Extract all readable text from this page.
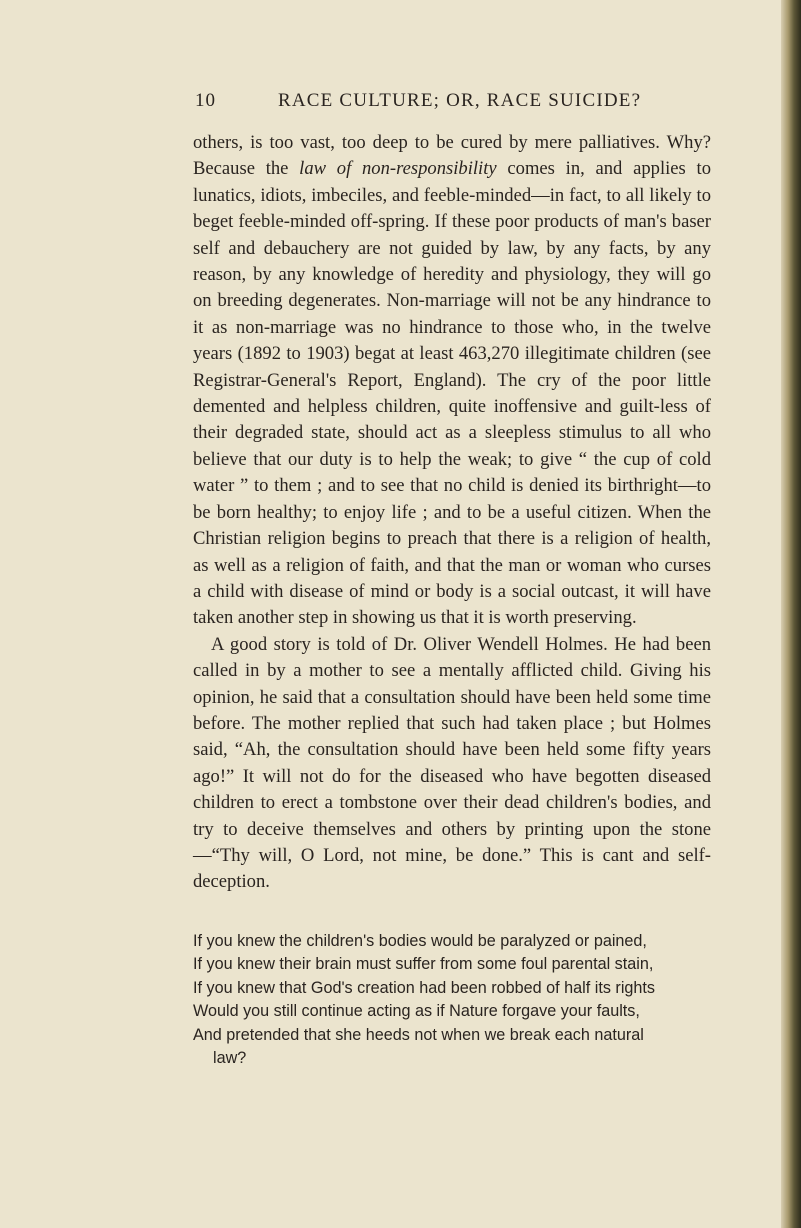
10	RACE CULTURE; OR, RACE SUICIDE?

others, is too vast, too deep to be cured by mere palliatives. Why? Because the law of non-responsibility comes in, and applies to lunatics, idiots, imbeciles, and feeble-minded—in fact, to all likely to beget feeble-minded off-spring. If these poor products of man's baser self and debauchery are not guided by law, by any facts, by any reason, by any knowledge of heredity and physiology, they will go on breeding degenerates. Non-marriage will not be any hindrance to it as non-marriage was no hindrance to those who, in the twelve years (1892 to 1903) begat at least 463,270 illegitimate children (see Registrar-General's Report, England). The cry of the poor little demented and helpless children, quite inoffensive and guilt-less of their degraded state, should act as a sleepless stimulus to all who believe that our duty is to help the weak; to give “ the cup of cold water ” to them ; and to see that no child is denied its birthright—to be born healthy; to enjoy life ; and to be a useful citizen. When the Christian religion begins to preach that there is a religion of health, as well as a religion of faith, and that the man or woman who curses a child with disease of mind or body is a social outcast, it will have taken another step in showing us that it is worth preserving.

A good story is told of Dr. Oliver Wendell Holmes. He had been called in by a mother to see a mentally afflicted child. Giving his opinion, he said that a consultation should have been held some time before. The mother replied that such had taken place ; but Holmes said, “Ah, the consultation should have been held some fifty years ago!” It will not do for the diseased who have begotten diseased children to erect a tombstone over their dead children's bodies, and try to deceive themselves and others by printing upon the stone—“Thy will, O Lord, not mine, be done.” This is cant and self-deception.

If you knew the children's bodies would be paralyzed or pained,
If you knew their brain must suffer from some foul parental stain,
If you knew that God's creation had been robbed of half its rights
Would you still continue acting as if Nature forgave your faults,
And pretended that she heeds not when we break each natural
law?
